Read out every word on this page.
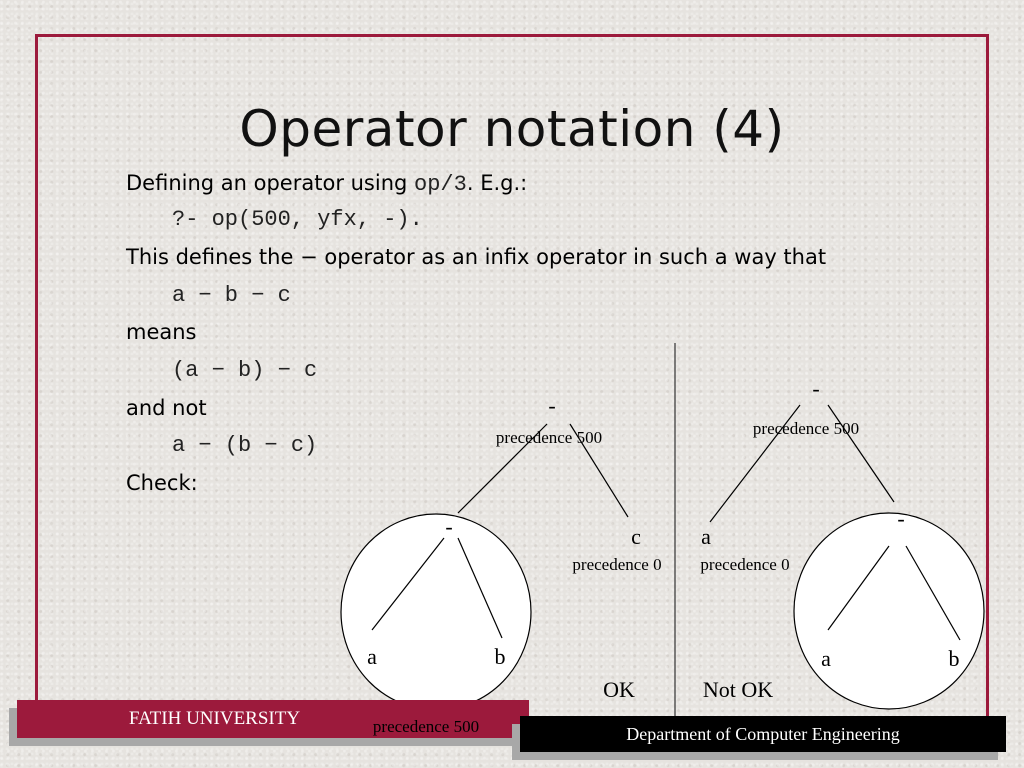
Operator notation (4)
Defining an operator using op/3. E.g.:
?- op(500, yfx, -).
This defines the − operator as an infix operator in such a way that
a − b − c
means
(a − b) − c
and not
a − (b − c)
Check:
-
precedence 500
-
a	b
c
precedence 0
OK
-
precedence 500
-
a
precedence 0
a	b
Not OK
FATIH UNIVERSITY	precedence 500	Department of Computer Engineering
